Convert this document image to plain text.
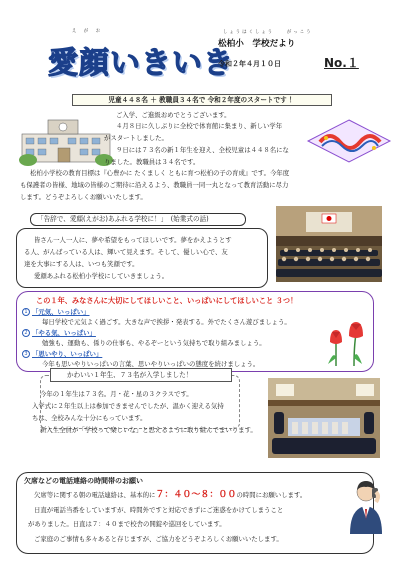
え が お
愛顔いきいき
しょうはくしょう　　がっこう
松柏小　学校だより
令和２年４月１０日	No.１
児童４４８名 ＋ 教職員３４名で 令和２年度のスタートです ！
ご入学、ご進級おめでとうございます。
４月８日に久しぶりに全校で体育館に集まり、新しい学年
がスタートしました。
９日には７３名の新１年生を迎え、全校児童は４４８名にな
りました。教職員は３４名です。
松柏小学校の教育目標は『心豊かに たくましく ともに育つ松柏の子の育成』です。今年度
も保護者の皆様、地域の皆様のご期待に沿えるよう、教職員一同一丸となって教育活動に尽力
します。どうぞよろしくお願いいたします。
「告辞で、愛顔(えがお)あふれる学校に！」　(始業式の話)
皆さん一人一人に、夢や希望をもってほしいです。夢をかえようとす
る人、がんばっている人は、輝いて見えます。そして、優しい心で、友
達を大事にする人は、いつも笑顔です。
愛顔あふれる松柏小学校にしていきましょう。
この１年、みなさんに大切にしてほしいこと、いっぱいにしてほしいこと ３つ！
1 「元気、いっぱい」
毎日学校で元気よく過ごす。大きな声で挨拶・発表する。外でたくさん遊びましょう。
2 「やる気、いっぱい」
勉強も、運動も、係りの仕事も、やるぞーという気持ちで取り組みましょう。
3 「思いやり、いっぱい」
今年も思いやりいっぱいの言葉、思いやりいっぱいの態度を続けましょう。
かわいい１年生、７３名が入学しました！
今年の１年生は７３名。月・花・星の３クラスです。
入学式に２年生以上は参加できませんでしたが、温かく迎える気持
ちは、全校みんな十分にもっています。
新入生全員が「学校って楽しいな」と思えるように取り組んでまいります。
欠席などの電話連絡の時間帯のお願い
欠席等に関する朝の電話連絡は、基本的に７：４０～８：００の時間にお願いします。
日直が電話当番をしていますが、時間外ですと対応できずにご迷惑をかけてしまうこと
がありました。日直は７：４０まで校舎の開錠や巡回をしています。
ご家庭のご事情も多々あると存じますが、ご協力をどうぞよろしくお願いいたします。
